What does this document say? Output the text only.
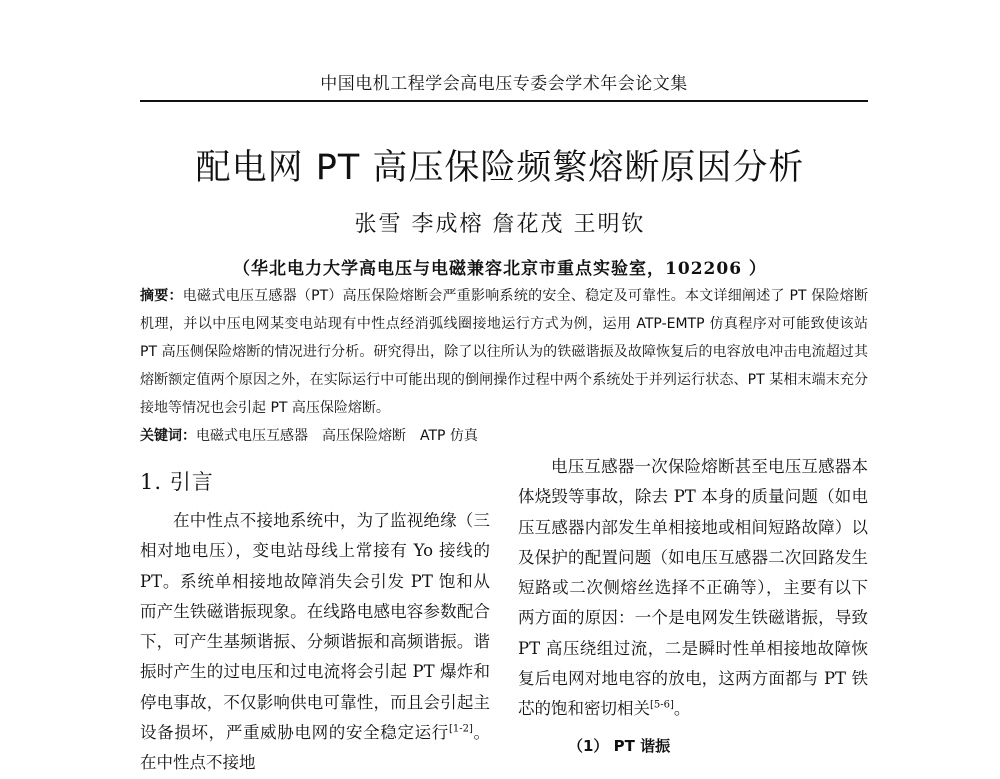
中国电机工程学会高电压专委会学术年会论文集
配电网 PT 高压保险频繁熔断原因分析
张雪 李成榕 詹花茂 王明钦
（华北电力大学高电压与电磁兼容北京市重点实验室，102206 ）
摘要：电磁式电压互感器（PT）高压保险熔断会严重影响系统的安全、稳定及可靠性。本文详细阐述了 PT 保险熔断机理，并以中压电网某变电站现有中性点经消弧线圈接地运行方式为例，运用 ATP-EMTP 仿真程序对可能致使该站 PT 高压侧保险熔断的情况进行分析。研究得出，除了以往所认为的铁磁谐振及故障恢复后的电容放电冲击电流超过其熔断额定值两个原因之外，在实际运行中可能出现的倒闸操作过程中两个系统处于并列运行状态、PT 某相末端末充分接地等情况也会引起 PT 高压保险熔断。
关键词：电磁式电压互感器 高压保险熔断 ATP 仿真
1. 引言
在中性点不接地系统中，为了监视绝缘（三相对地电压），变电站母线上常接有 Yo 接线的 PT。系统单相接地故障消失会引发 PT 饱和从而产生铁磁谐振现象。在线路电感电容参数配合下，可产生基频谐振、分频谐振和高频谐振。谐振时产生的过电压和过电流将会引起 PT 爆炸和停电事故，不仅影响供电可靠性，而且会引起主设备损坏，严重威胁电网的安全稳定运行[1-2]。在中性点不接地
电压互感器一次保险熔断甚至电压互感器本体烧毁等事故，除去 PT 本身的质量问题（如电压互感器内部发生单相接地或相间短路故障）以及保护的配置问题（如电压互感器二次回路发生短路或二次侧熔丝选择不正确等），主要有以下两方面的原因：一个是电网发生铁磁谐振，导致 PT 高压绕组过流，二是瞬时性单相接地故障恢复后电网对地电容的放电，这两方面都与 PT 铁芯的饱和密切相关[5-6]。
（1） PT 谐振
